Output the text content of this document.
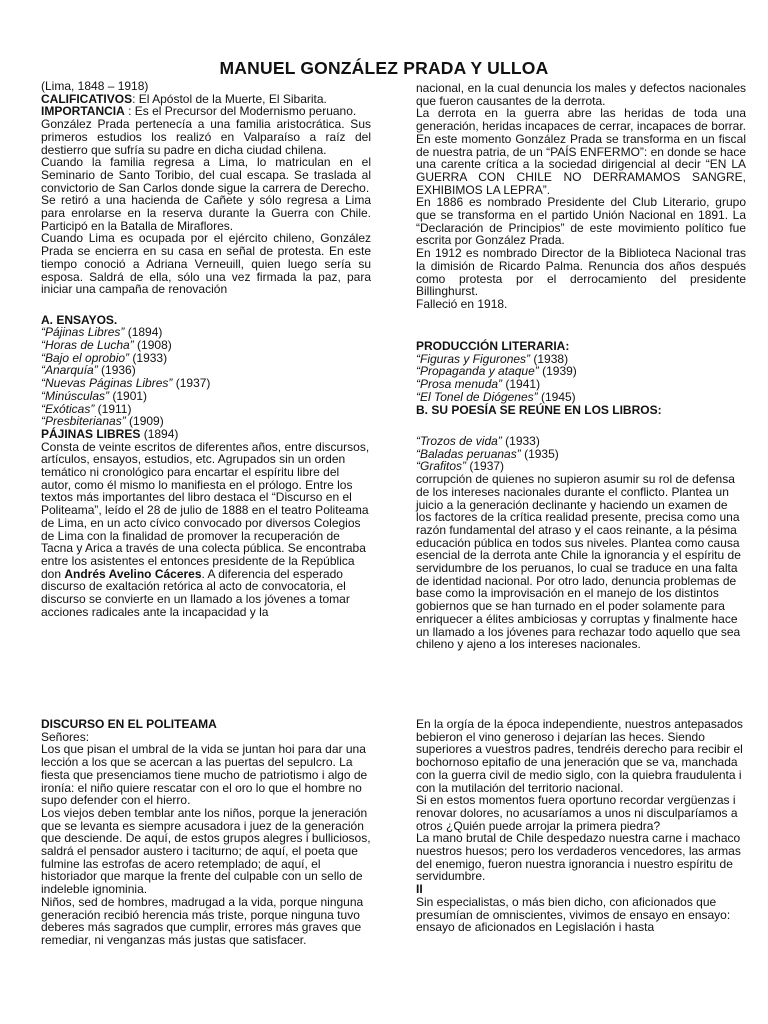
MANUEL GONZÁLEZ PRADA Y ULLOA
(Lima, 1848 – 1918)
CALIFICATIVOS: El Apóstol de la Muerte, El Sibarita.

IMPORTANCIA : Es el Precursor del Modernismo peruano.

González Prada pertenecía a una familia aristocrática. Sus primeros estudios los realizó en Valparaíso a raíz del destierro que sufría su padre en dicha ciudad chilena.

Cuando la familia regresa a Lima, lo matriculan en el Seminario de Santo Toribio, del cual escapa. Se trasladа al convictorio de San Carlos donde sigue la carrera de Derecho.

Se retiró a una hacienda de Cañete y sólo regresa a Lima para enrolarse en la reserva durante la Guerra con Chile. Participó en la Batalla de Miraflores.

Cuando Lima es ocupada por el ejército chileno, González Prada se encierra en su casa en señal de protesta. En este tiempo conoció a Adriana Verneuill, quien luego sería su esposa. Saldrá de ella, sólo una vez firmada la paz, para iniciar una campaña de renovación

A. ENSAYOS.
“Pájinas Libres” (1894)
“Horas de Lucha” (1908)
“Bajo el oprobio” (1933)
“Anarquía” (1936)
“Nuevas Páginas Libres” (1937)
“Minúsculas” (1901)
“Exóticas” (1911)
“Presbiterianas” (1909)
PÁJINAS LIBRES (1894)

Consta de veinte escritos de diferentes años, entre discursos, artículos, ensayos, estudios, etc. Agrupados sin un orden temático ni cronológico para encartar el espíritu libre del autor, como él mismo lo manifiesta en el prólogo. Entre los textos más importantes del libro destaca el “Discurso en el Politeama”, leído el 28 de julio de 1888 en el teatro Politeama de Lima, en un acto cívico convocado por diversos Colegios de Lima con la finalidad de promover la recuperación de Tacna y Arica a través de una colecta pública. Se encontraba entre los asistentes el entonces presidente de la República don Andrés Avelino Cáceres. A diferencia del esperado discurso de exaltación retórica al acto de convocatoria, el discurso se convierte en un llamado a los jóvenes a tomar acciones radicales ante la incapacidad y la

nacional, en la cual denuncia los males y defectos nacionales que fueron causantes de la derrota.

La derrota en la guerra abre las heridas de toda una generación, heridas incapaces de cerrar, incapaces de borrar. En este momento González Prada se transforma en un fiscal de nuestra patria, de un “PAÍS ENFERMO”: en donde se hace una carente crítica a la sociedad dirigencial al decir “EN LA GUERRA CON CHILE NO DERRAMAMOS SANGRE, EXHIBIMOS LA LEPRA”.

En 1886 es nombrado Presidente del Club Literario, grupo que se transforma en el partido Unión Nacional en 1891. La “Declaración de Principios” de este movimiento político fue escrita por González Prada.

En 1912 es nombrado Director de la Biblioteca Nacional tras la dimisión de Ricardo Palma. Renuncia dos años después como protesta por el derrocamiento del presidente Billinghurst.

Falleció en 1918.

PRODUCCIÓN LITERARIA:
“Figuras y Figurones” (1938)
“Propaganda y ataque” (1939)
“Prosa menuda” (1941)
“El Tonel de Diógenes” (1945)
B. SU POESÍA SE REÚNE EN LOS LIBROS:
“Trozos de vida” (1933)
“Baladas peruanas” (1935)
“Grafitos” (1937)

corrupción de quienes no supieron asumir su rol de defensa de los intereses nacionales durante el conflicto. Plantea un juicio a la generación declinante y haciendo un examen de los factores de la crítica realidad presente, precisa como una razón fundamental del atraso y el caos reinante, a la pésima educación pública en todos sus niveles. Plantea como causa esencial de la derrota ante Chile la ignorancia y el espíritu de servidumbre de los peruanos, lo cual se traduce en una falta de identidad nacional. Por otro lado, denuncia problemas de base como la improvisación en el manejo de los distintos gobiernos que se han turnado en el poder solamente para enriquecer a élites ambiciosas y corruptas y finalmente hace un llamado a los jóvenes para rechazar todo aquello que sea chileno y ajeno a los intereses nacionales.

DISCURSO EN EL POLITEAMA
Señores:

Los que pisan el umbral de la vida se juntan hoi para dar una lección a los que se acercan a las puertas del sepulcro. La fiesta que presenciamos tiene mucho de patriotismo i algo de ironía: el niño quiere rescatar con el oro lo que el hombre no supo defender con el hierro.

Los viejos deben temblar ante los niños, porque la jeneración que se levanta es siempre acusadora i juez de la generación que desciende. De aquí, de estos grupos alegres i bulliciosos, saldrá el pensador austero i taciturno; de aquí, el poeta que fulmine las estrofas de acero retemplado; de aquí, el historiador que marque la frente del culpable con un sello de indeleble ignominia.

Niños, sed de hombres, madrugad a la vida, porque ninguna generación recibió herencia más triste, porque ninguna tuvo deberes más sagrados que cumplir, errores más graves que remediar, ni venganzas más justas que satisfacer.

En la orgía de la época independiente, nuestros antepasados bebieron el vino generoso i dejarían las heces. Siendo superiores a vuestros padres, tendréis derecho para recibir el bochornoso epitafio de una jeneración que se va, manchada con la guerra civil de medio siglo, con la quiebra fraudulenta i con la mutilación del territorio nacional.

Si en estos momentos fuera oportuno recordar vergüenzas i renovar dolores, no acusaríamos a unos ni disculparíamos a otros ¿Quién puede arrojar la primera piedra?

La mano brutal de Chile despedazo nuestra carne i machaco nuestros huesos; pero los verdaderos vencedores, las armas del enemigo, fueron nuestra ignorancia i nuestro espíritu de servidumbre.

II

Sin especialistas, o más bien dicho, con aficionados que presumían de omniscientes, vivimos de ensayo en ensayo: ensayo de aficionados en Legislación i hasta
